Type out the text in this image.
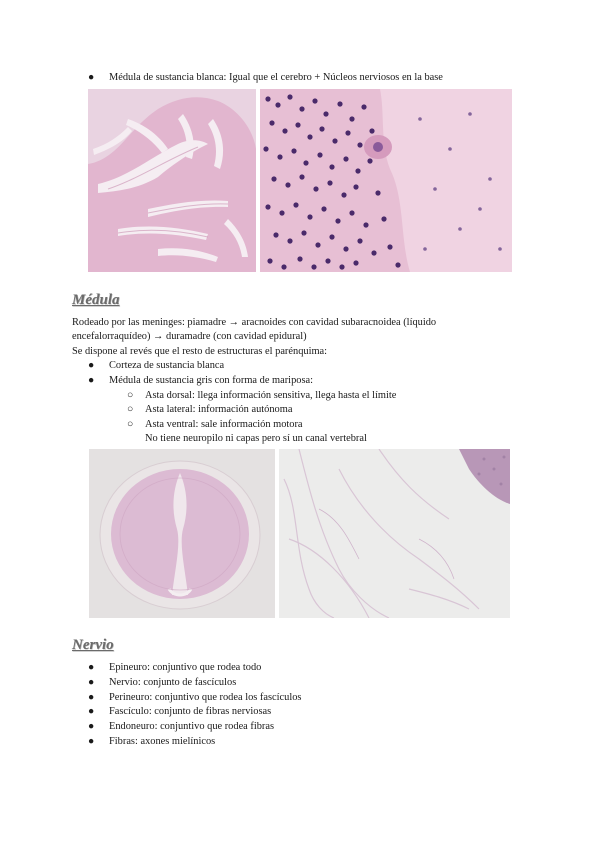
● Médula de sustancia blanca: Igual que el cerebro + Núcleos nerviosos en la base
Médula
Rodeado por las meninges: piamadre → aracnoides con cavidad subaracnoidea (líquido
encefalorraquídeo) → duramadre (con cavidad epidural)
Se dispone al revés que el resto de estructuras el parénquima:
● Corteza de sustancia blanca
● Médula de sustancia gris con forma de mariposa:
○ Asta dorsal: llega información sensitiva, llega hasta el límite
○ Asta lateral: información autónoma
○ Asta ventral: sale información motora
No tiene neuropilo ni capas pero sí un canal vertebral
Nervio
● Epineuro: conjuntivo que rodea todo
● Nervio: conjunto de fascículos
● Perineuro: conjuntivo que rodea los fascículos
● Fascículo: conjunto de fibras nerviosas
● Endoneuro: conjuntivo que rodea fibras
● Fibras: axones mielínicos
